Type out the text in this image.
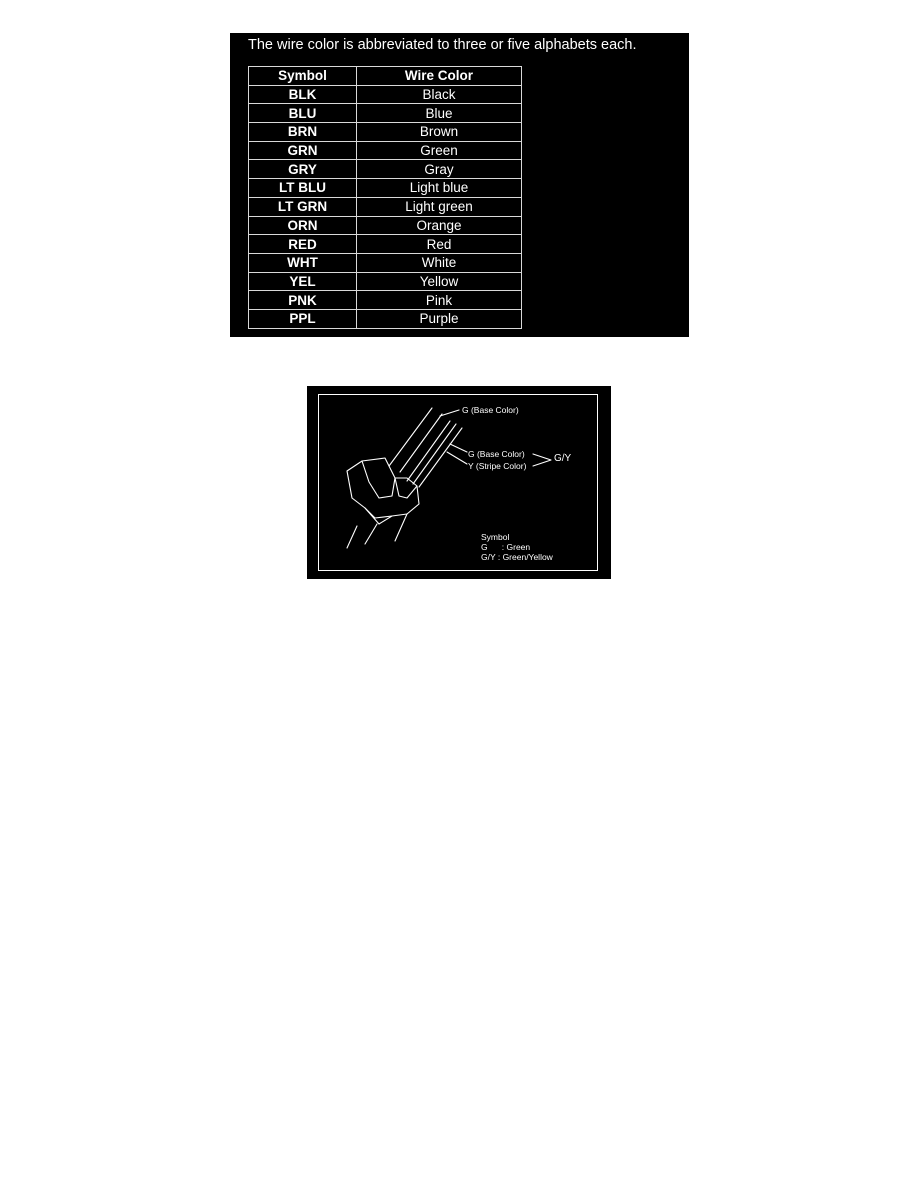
The wire color is abbreviated to three or five alphabets each.
Symbol	Wire Color
BLK	Black
BLU	Blue
BRN	Brown
GRN	Green
GRY	Gray
LT BLU	Light blue
LT GRN	Light green
ORN	Orange
RED	Red
WHT	White
YEL	Yellow
PNK	Pink
PPL	Purple
G (Base Color)
G (Base Color)
Y (Stripe Color)
G/Y
Symbol
G      : Green
G/Y : Green/Yellow
